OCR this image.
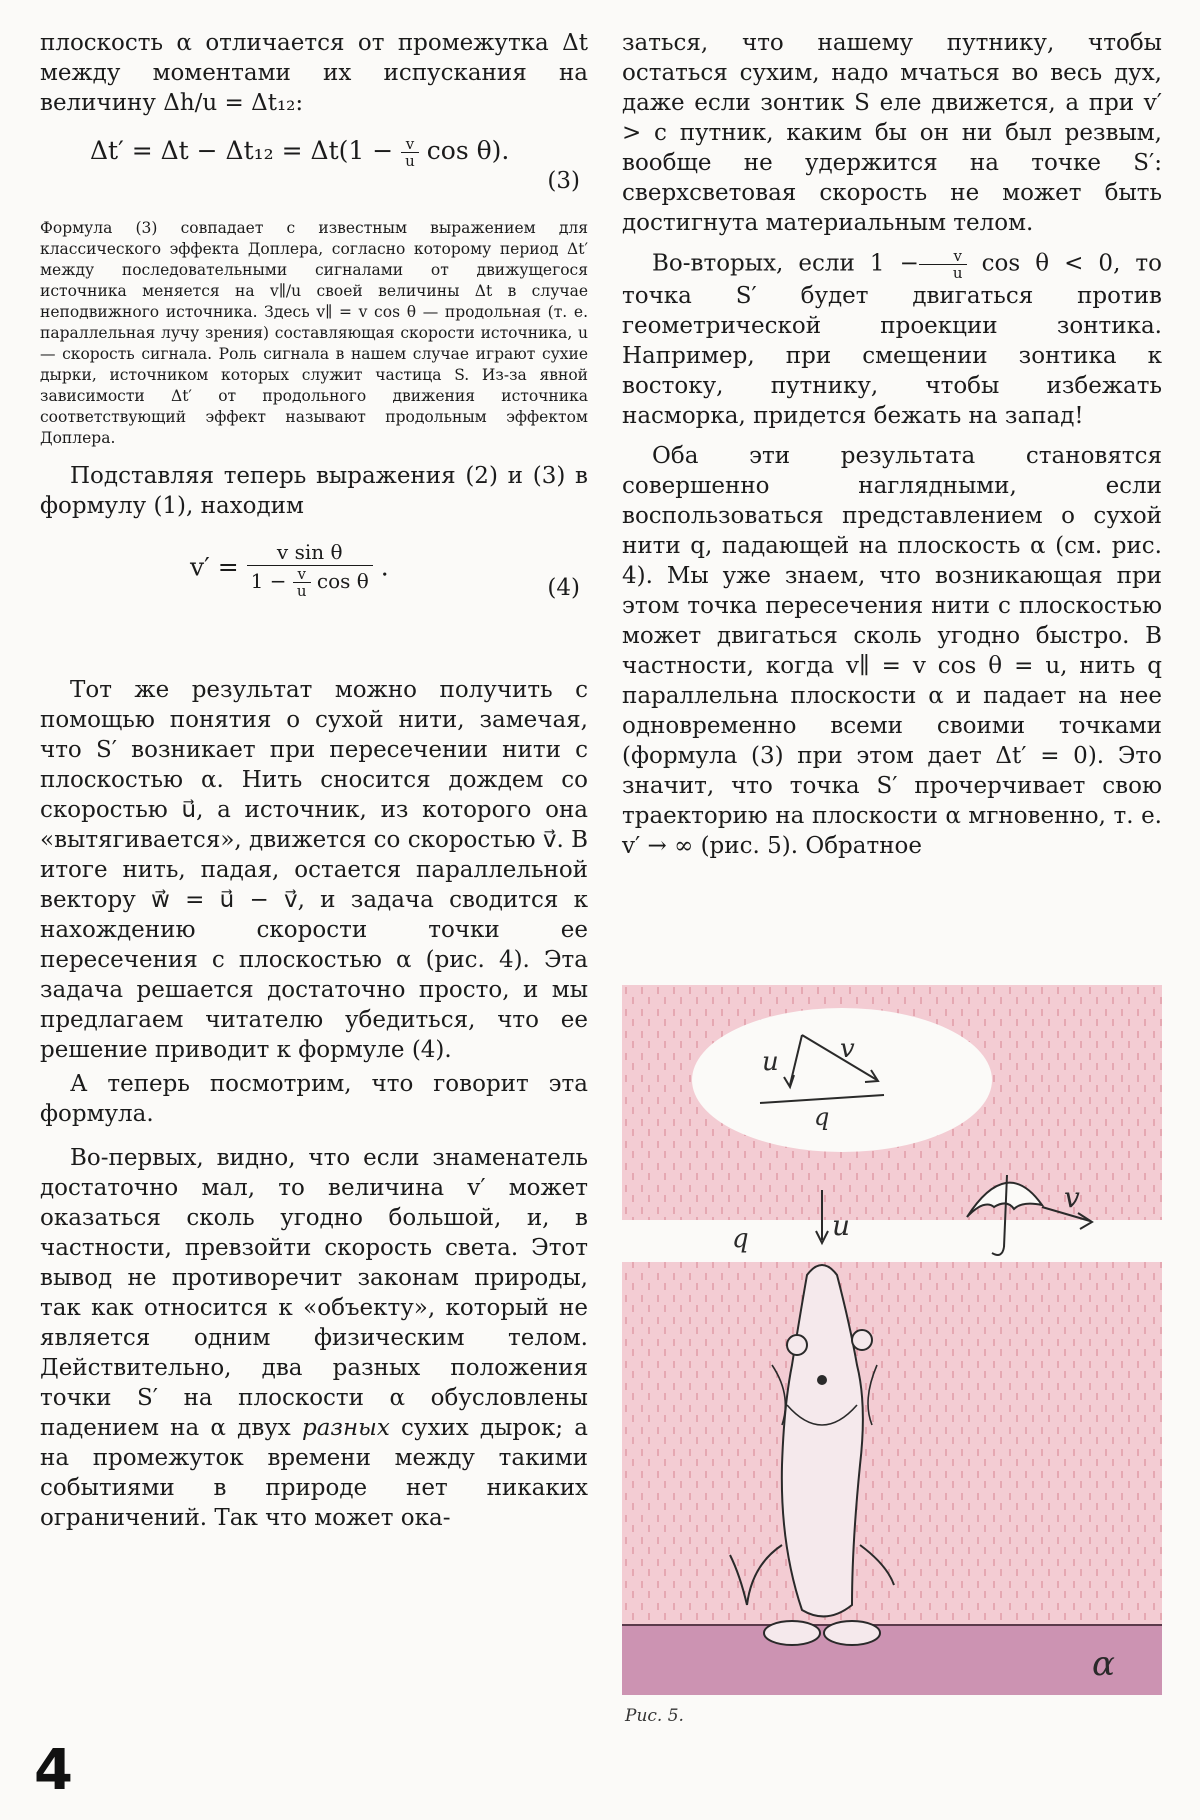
плоскость α отличается от промежутка Δt между моментами их испускания на величину Δh/u = Δt₁₂:

$\Delta t' = \Delta t - \Delta t_{12} = \Delta t(1 - \frac{v}{u}$ cos θ).
(3)

Формула (3) совпадает с известным выражением для классического эффекта Доплера, согласно которому период Δt′ между последовательными сигналами от движущегося источника меняется на v∥/u своей величины Δt в случае неподвижного источника. Здесь v∥ = v cos θ — продольная (т. е. параллельная лучу зрения) составляющая скорости источника, u — скорость сигнала. Роль сигнала в нашем случае играют сухие дырки, источником которых служит частица S. Из-за явной зависимости Δt′ от продольного движения источника соответствующий эффект называют продольным эффектом Доплера.

Подставляя теперь выражения (2) и (3) в формулу (1), находим

v′ =
v sin θ
$1 - \frac{v}{u}$ cos θ .
(4)

Тот же результат можно получить с помощью понятия о сухой нити, замечая, что S′ возникает при пересечении нити с плоскостью α. Нить сносится дождем со скоростью u⃗, а источник, из которого она «вытягивается», движется со скоростью v⃗. В итоге нить, падая, остается параллельной вектору w⃗ = u⃗ − v⃗, и задача сводится к нахождению скорости точки ее пересечения с плоскостью α (рис. 4). Эта задача решается достаточно просто, и мы предлагаем читателю убедиться, что ее решение приводит к формуле (4).

А теперь посмотрим, что говорит эта формула.

Во-первых, видно, что если знаменатель достаточно мал, то величина v′ может оказаться сколь угодно большой, и, в частности, превзойти скорость света. Этот вывод не противоречит законам природы, так как относится к «объекту», который не является одним физическим телом. Действительно, два разных положения точки S′ на плоскости α обусловлены падением на α двух разных сухих дырок; а на промежуток времени между такими событиями в природе нет никаких ограничений. Так что может ока-

заться, что нашему путнику, чтобы остаться сухим, надо мчаться во весь дух, даже если зонтик S еле движется, а при v′ > c путник, каким бы он ни был резвым, вообще не удержится на точке S′: сверхсветовая скорость не может быть достигнута материальным телом.

Во-вторых, если $1 - \frac{v}{u}$ cos θ < 0, то точка S′ будет двигаться против геометрической проекции зонтика. Например, при смещении зонтика к востоку, путнику, чтобы избежать насморка, придется бежать на запад!

Оба эти результата становятся совершенно наглядными, если воспользоваться представлением о сухой нити q, падающей на плоскость α (см. рис. 4). Мы уже знаем, что возникающая при этом точка пересечения нити с плоскостью может двигаться сколь угодно быстро. В частности, когда v∥ = v cos θ = u, нить q параллельна плоскости α и падает на нее одновременно всеми своими точками (формула (3) при этом дает Δt′ = 0). Это значит, что точка S′ прочерчивает свою траекторию на плоскости α мгновенно, т. е. v′ → ∞ (рис. 5). Обратное

u v
q
q	u
v
α
Рис. 5.
4
